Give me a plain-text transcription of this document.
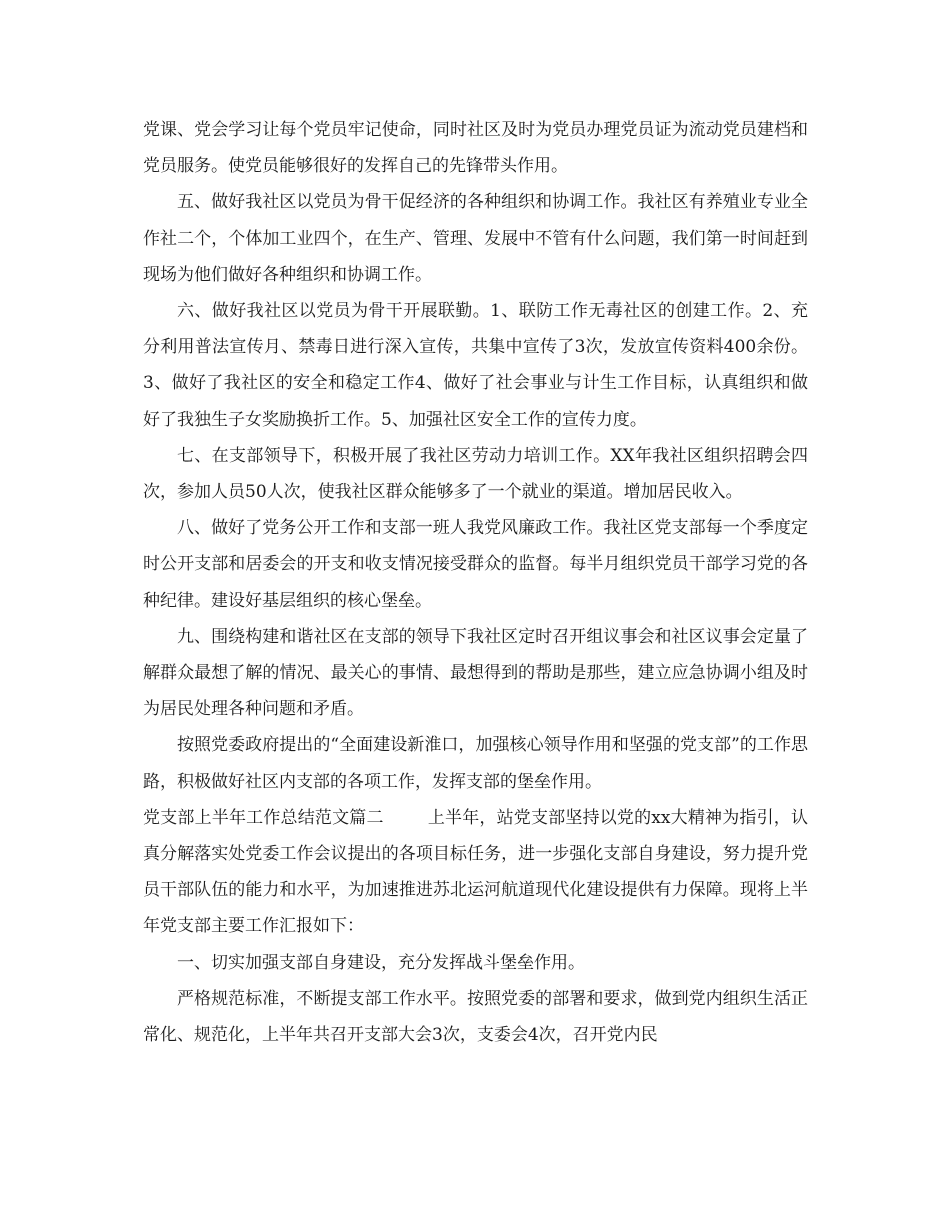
党课、党会学习让每个党员牢记使命，同时社区及时为党员办理党员证为流动党员建档和党员服务。使党员能够很好的发挥自己的先锋带头作用。

五、做好我社区以党员为骨干促经济的各种组织和协调工作。我社区有养殖业专业全作社二个，个体加工业四个，在生产、管理、发展中不管有什么问题，我们第一时间赶到现场为他们做好各种组织和协调工作。

六、做好我社区以党员为骨干开展联勤。1、联防工作无毒社区的创建工作。2、充分利用普法宣传月、禁毒日进行深入宣传，共集中宣传了3次，发放宣传资料400余份。3、做好了我社区的安全和稳定工作4、做好了社会事业与计生工作目标，认真组织和做好了我独生子女奖励换折工作。5、加强社区安全工作的宣传力度。

七、在支部领导下，积极开展了我社区劳动力培训工作。XX年我社区组织招聘会四次，参加人员50人次，使我社区群众能够多了一个就业的渠道。增加居民收入。

八、做好了党务公开工作和支部一班人我党风廉政工作。我社区党支部每一个季度定时公开支部和居委会的开支和收支情况接受群众的监督。每半月组织党员干部学习党的各种纪律。建设好基层组织的核心堡垒。

九、围绕构建和谐社区在支部的领导下我社区定时召开组议事会和社区议事会定量了解群众最想了解的情况、最关心的事情、最想得到的帮助是那些，建立应急协调小组及时为居民处理各种问题和矛盾。

按照党委政府提出的“全面建设新淮口，加强核心领导作用和坚强的党支部”的工作思路，积极做好社区内支部的各项工作，发挥支部的堡垒作用。

党支部上半年工作总结范文篇二	上半年，站党支部坚持以党的xx大精神为指引，认真分解落实处党委工作会议提出的各项目标任务，进一步强化支部自身建设，努力提升党员干部队伍的能力和水平，为加速推进苏北运河航道现代化建设提供有力保障。现将上半年党支部主要工作汇报如下：

一、切实加强支部自身建设，充分发挥战斗堡垒作用。

严格规范标准，不断提支部工作水平。按照党委的部署和要求，做到党内组织生活正常化、规范化，上半年共召开支部大会3次，支委会4次，召开党内民
